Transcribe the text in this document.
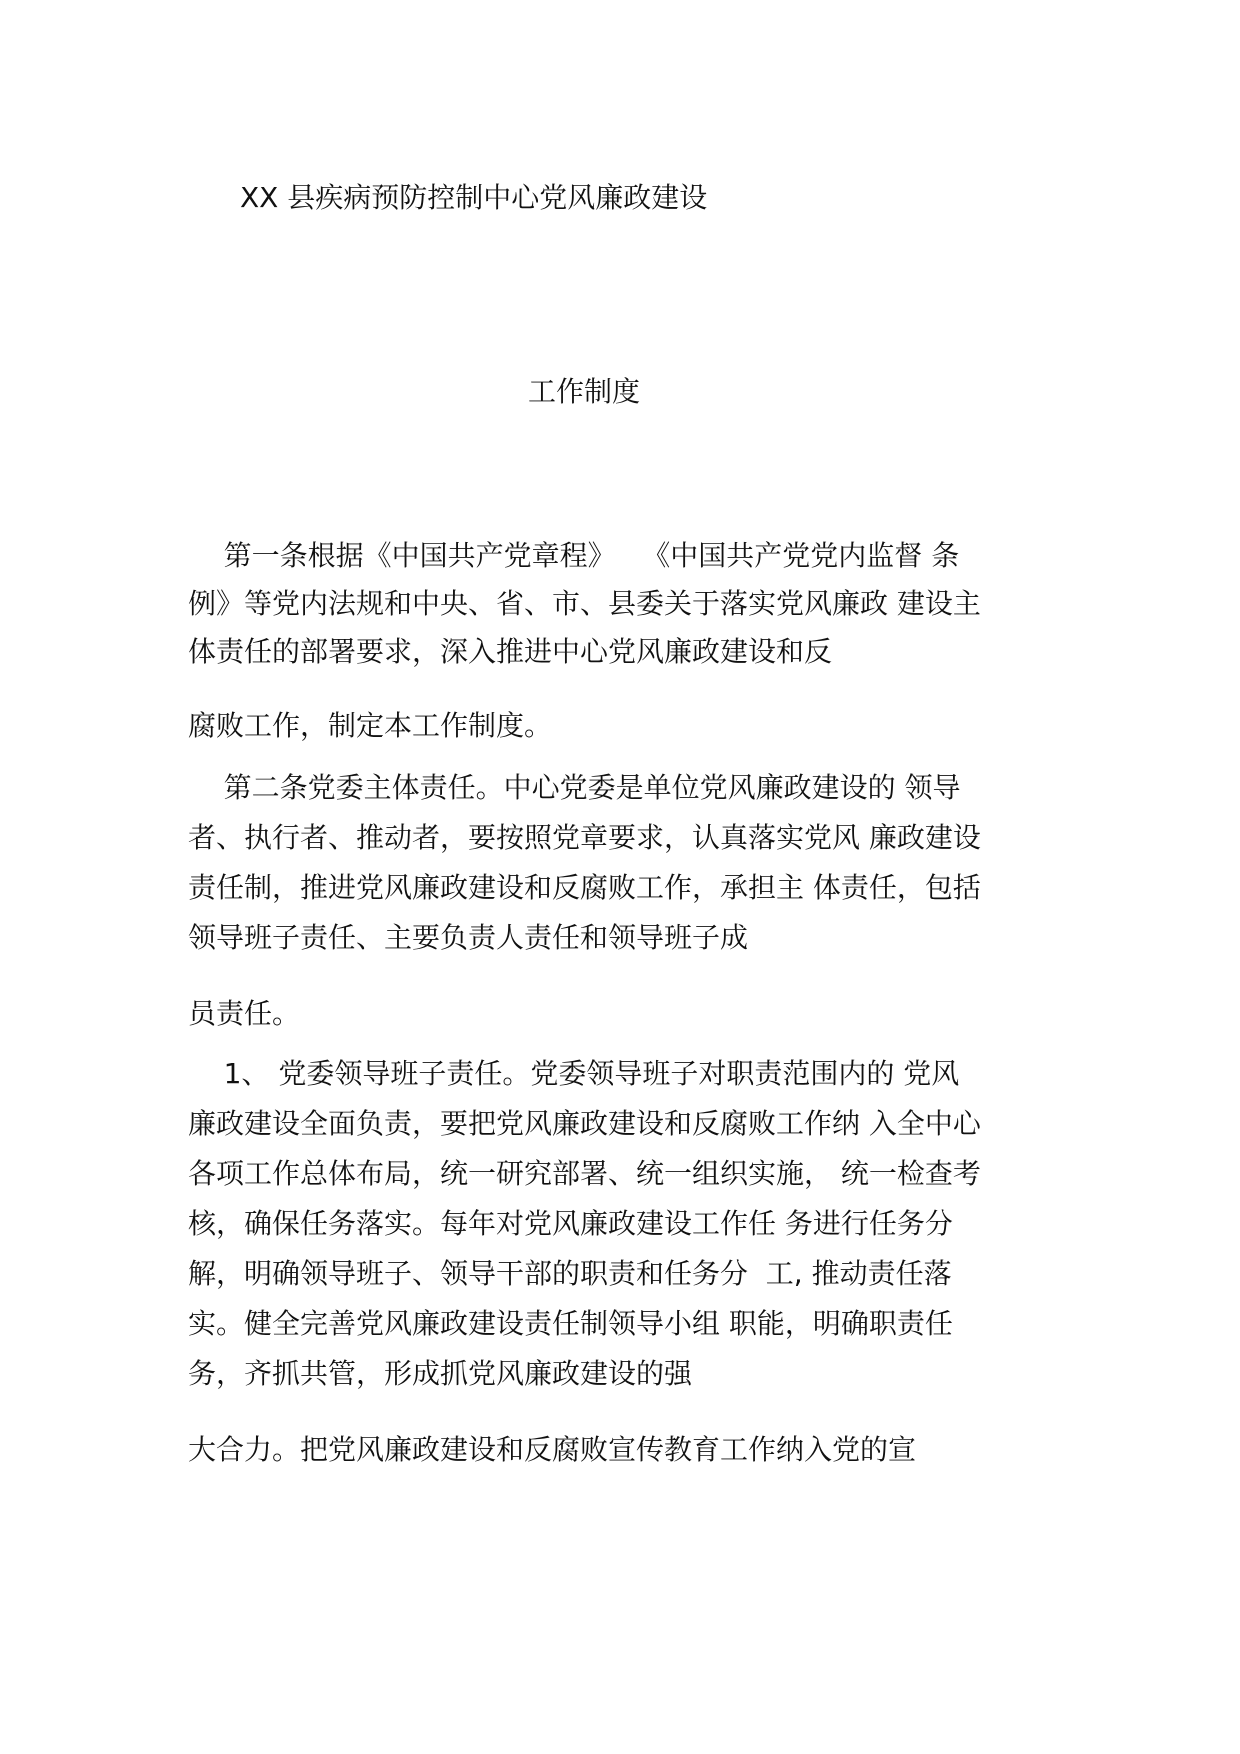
XX 县疾病预防控制中心党风廉政建设
工作制度
第一条根据《中国共产党章程》   《中国共产党党内监督 条
例》等党内法规和中央、省、市、县委关于落实党风廉政 建设主
体责任的部署要求，深入推进中心党风廉政建设和反
腐败工作，制定本工作制度。
第二条党委主体责任。中心党委是单位党风廉政建设的 领导
者、执行者、推动者，要按照党章要求，认真落实党风 廉政建设
责任制，推进党风廉政建设和反腐败工作，承担主 体责任，包括
领导班子责任、主要负责人责任和领导班子成
员责任。
1、 党委领导班子责任。党委领导班子对职责范围内的 党风
廉政建设全面负责，要把党风廉政建设和反腐败工作纳 入全中心
各项工作总体布局，统一研究部署、统一组织实施， 统一检查考
核，确保任务落实。每年对党风廉政建设工作任 务进行任务分
解，明确领导班子、领导干部的职责和任务分  工, 推动责任落
实。健全完善党风廉政建设责任制领导小组 职能，明确职责任
务，齐抓共管，形成抓党风廉政建设的强
大合力。把党风廉政建设和反腐败宣传教育工作纳入党的宣
